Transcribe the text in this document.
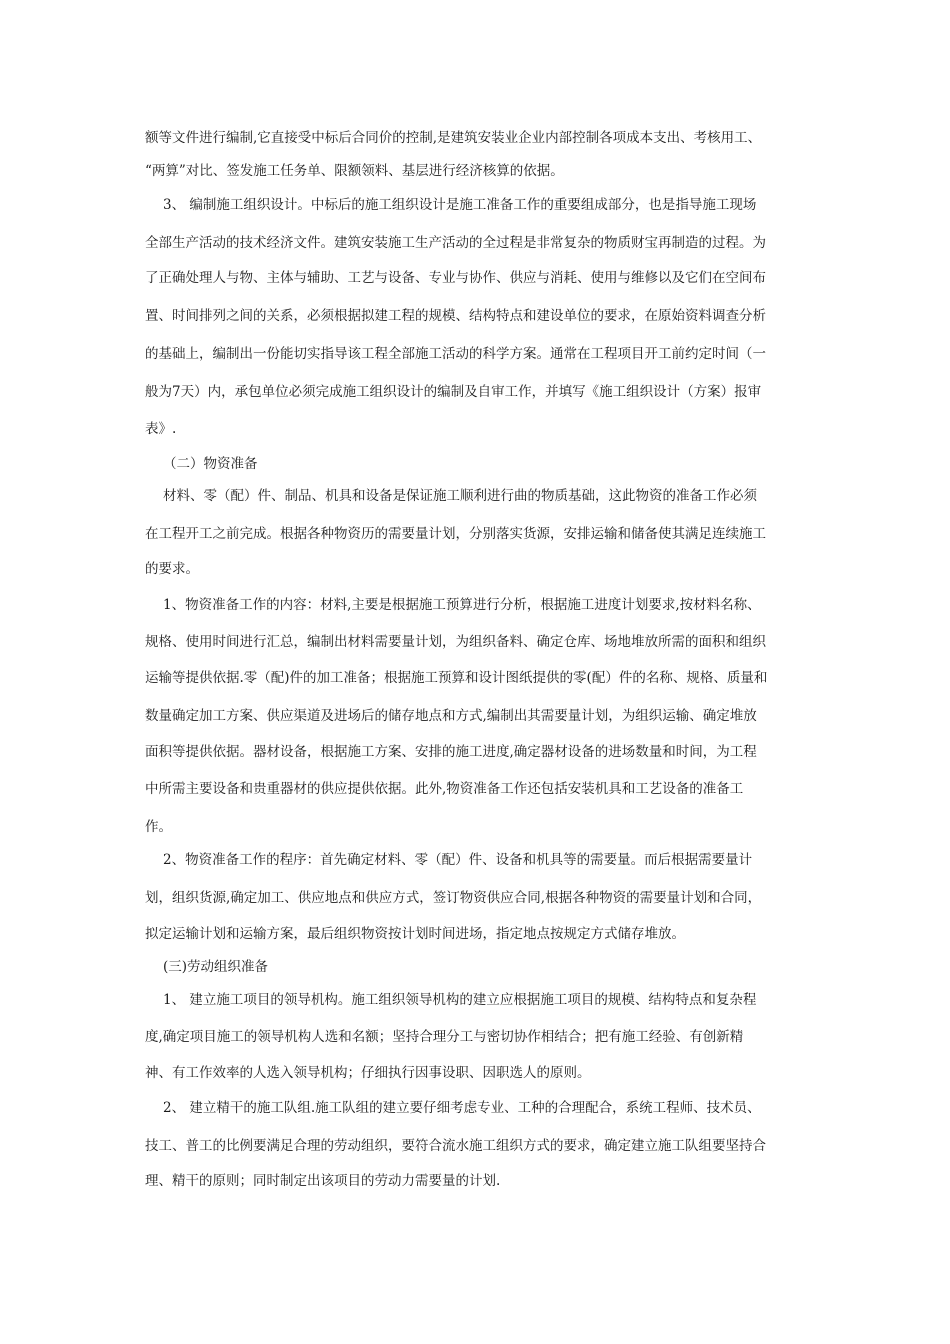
额等文件进行编制,它直接受中标后合同价的控制,是建筑安装业企业内部控制各项成本支出、考核用工、
“两算”对比、签发施工任务单、限额领料、基层进行经济核算的依据。
3、 编制施工组织设计。中标后的施工组织设计是施工准备工作的重要组成部分，也是指导施工现场
全部生产活动的技术经济文件。建筑安装施工生产活动的全过程是非常复杂的物质财宝再制造的过程。为
了正确处理人与物、主体与辅助、工艺与设备、专业与协作、供应与消耗、使用与维修以及它们在空间布
置、时间排列之间的关系，必须根据拟建工程的规模、结构特点和建设单位的要求，在原始资料调查分析
的基础上，编制出一份能切实指导该工程全部施工活动的科学方案。通常在工程项目开工前约定时间（一
般为7天）内，承包单位必须完成施工组织设计的编制及自审工作，并填写《施工组织设计（方案）报审
表》.
（二）物资准备
材料、零（配）件、制品、机具和设备是保证施工顺利进行曲的物质基础，这此物资的准备工作必须
在工程开工之前完成。根据各种物资历的需要量计划，分别落实货源，安排运输和储备使其满足连续施工
的要求。
1、物资准备工作的内容：材料,主要是根据施工预算进行分析，根据施工进度计划要求,按材料名称、
规格、使用时间进行汇总，编制出材料需要量计划，为组织备料、确定仓库、场地堆放所需的面积和组织
运输等提供依据.零（配)件的加工准备；根据施工预算和设计图纸提供的零(配）件的名称、规格、质量和
数量确定加工方案、供应渠道及进场后的储存地点和方式,编制出其需要量计划，为组织运输、确定堆放
面积等提供依据。器材设备，根据施工方案、安排的施工进度,确定器材设备的进场数量和时间，为工程
中所需主要设备和贵重器材的供应提供依据。此外,物资准备工作还包括安装机具和工艺设备的准备工
作。
2、物资准备工作的程序：首先确定材料、零（配）件、设备和机具等的需要量。而后根据需要量计
划，组织货源,确定加工、供应地点和供应方式，签订物资供应合同,根据各种物资的需要量计划和合同，
拟定运输计划和运输方案，最后组织物资按计划时间进场，指定地点按规定方式储存堆放。
(三)劳动组织准备
1、 建立施工项目的领导机构。施工组织领导机构的建立应根据施工项目的规模、结构特点和复杂程
度,确定项目施工的领导机构人选和名额；坚持合理分工与密切协作相结合；把有施工经验、有创新精
神、有工作效率的人选入领导机构；仔细执行因事设职、因职选人的原则。
2、 建立精干的施工队组.施工队组的建立要仔细考虑专业、工种的合理配合，系统工程师、技术员、
技工、普工的比例要满足合理的劳动组织，要符合流水施工组织方式的要求，确定建立施工队组要坚持合
理、精干的原则；同时制定出该项目的劳动力需要量的计划.
